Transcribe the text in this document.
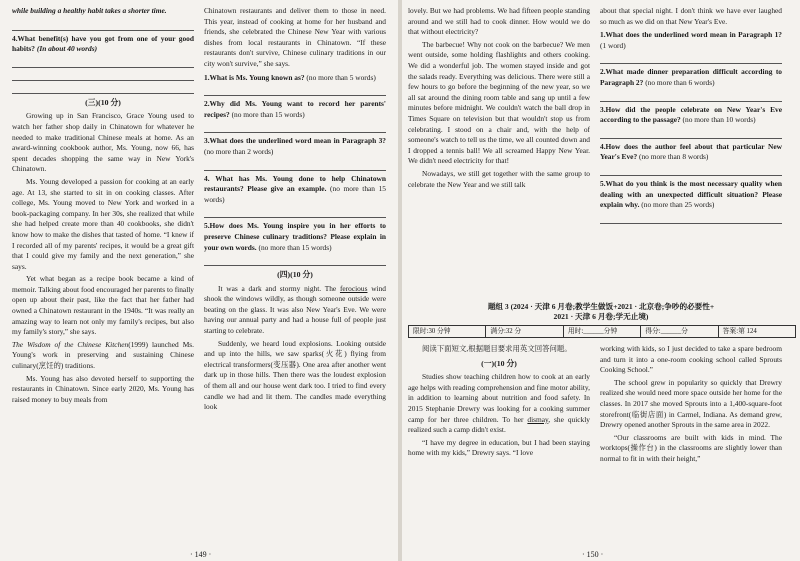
while building a healthy habit takes a shorter time.

4.What benefit(s) have you got from one of your good habits? (In about 40 words)

(三)(10 分)

Growing up in San Francisco, Grace Young used to watch her father shop daily in Chinatown for whatever he needed to make traditional Chinese meals at home. As an award-winning cookbook author, Ms. Young, now 66, has spent decades shopping the same way in New York's Chinatown.

Ms. Young developed a passion for cooking at an early age. At 13, she started to sit in on cooking classes. After college, Ms. Young moved to New York and worked in a book-packaging company. In her 30s, she realized that while she had helped create more than 40 cookbooks, she didn't know how to make the dishes that tasted of home. “I knew if I recorded all of my parents' recipes, it would be a great gift that I could give my family and the next generation,” she says.

Yet what began as a recipe book became a kind of memoir. Talking about food encouraged her parents to finally open up about their past, like the fact that her father had owned a Chinatown restaurant in the 1940s. “It was really an amazing way to learn not only my family's recipes, but also my family's story,” she says.

The Wisdom of the Chinese Kitchen(1999) launched Ms. Young's work in preserving and sustaining Chinese culinary(烹饪的) traditions.

Ms. Young has also devoted herself to supporting the restaurants in Chinatown. Since early 2020, Ms. Young has raised money to buy meals from

Chinatown restaurants and deliver them to those in need. This year, instead of cooking at home for her husband and friends, she celebrated the Chinese New Year with various dishes from local restaurants in Chinatown. “If these restaurants don't survive, Chinese culinary traditions in our city won't survive,” she says.

1.What is Ms. Young known as? (no more than 5 words)

2.Why did Ms. Young want to record her parents' recipes? (no more than 15 words)

3.What does the underlined word mean in Paragraph 3? (no more than 2 words)

4. What has Ms. Young done to help Chinatown restaurants? Please give an example. (no more than 15 words)

5.How does Ms. Young inspire you in her efforts to preserve Chinese culinary traditions? Please explain in your own words. (no more than 15 words)

(四)(10 分)

It was a dark and stormy night. The ferocious wind shook the windows wildly, as though someone outside were beating on the glass. It was also New Year's Eve. We were having our annual party and had a house full of people just starting to celebrate.

Suddenly, we heard loud explosions. Looking outside and up into the hills, we saw sparks(火花) flying from electrical transformers(变压器). One area after another went dark up in those hills. Then there was the loudest explosion of them all and our house went dark too. I tried to find every candle we had and lit them. The candles made everything look

· 149 ·

lovely. But we had problems. We had fifteen people standing around and we still had to cook dinner. How would we do that without electricity?

The barbecue! Why not cook on the barbecue? We men went outside, some holding flashlights and others cooking. We did a wonderful job. The women stayed inside and got the salads ready. Everything was delicious. There were still a few hours to go before the beginning of the new year, so we all sat around the dining room table and sang up until a few minutes before midnight. We couldn't watch the ball drop in Times Square on television but that wouldn't stop us from celebrating. I stood on a chair and, with the help of someone's watch to tell us the time, we all counted down and I dropped a tennis ball! We all screamed Happy New Year. We didn't need electricity for that!

Nowadays, we still get together with the same group to celebrate the New Year and we still talk

about that special night. I don't think we have ever laughed so much as we did on that New Year's Eve.

1.What does the underlined word mean in Paragraph 1? (1 word)

2.What made dinner preparation difficult according to Paragraph 2? (no more than 6 words)

3.How did the people celebrate on New Year's Eve according to the passage? (no more than 10 words)

4.How does the author feel about that particular New Year's Eve? (no more than 8 words)

5.What do you think is the most necessary quality when dealing with an unexpected difficult situation? Please explain why. (no more than 25 words)

题组 3 (2024 · 天津 6 月卷;教学生做饭+2021 · 北京卷;争吵的必要性+
2021 · 天津 6 月卷;学无止境)
限时:30 分钟	满分:32 分	用时:______分钟	得分:______分	答案:第 124

阅读下面短文,根据题目要求用英文回答问题。

(一)(10 分)

Studies show teaching children how to cook at an early age helps with reading comprehension and fine motor ability, in addition to learning about nutrition and food safety. In 2015 Stephanie Drewry was looking for a cooking summer camp for her three children. To her dismay, she quickly realized such a camp didn't exist.

“I have my degree in education, but I had been staying home with my kids,” Drewry says. “I love

working with kids, so I just decided to take a spare bedroom and turn it into a one-room cooking school called Sprouts Cooking School.”

The school grew in popularity so quickly that Drewry realized she would need more space outside her home for the classes. In 2017 she moved Sprouts into a 1,400-square-foot storefront(临街店面) in Carmel, Indiana. As demand grew, Drewry opened another Sprouts in the same area in 2022.

“Our classrooms are built with kids in mind. The worktops(操作台) in the classrooms are slightly lower than normal to fit in with their height,”

· 150 ·
